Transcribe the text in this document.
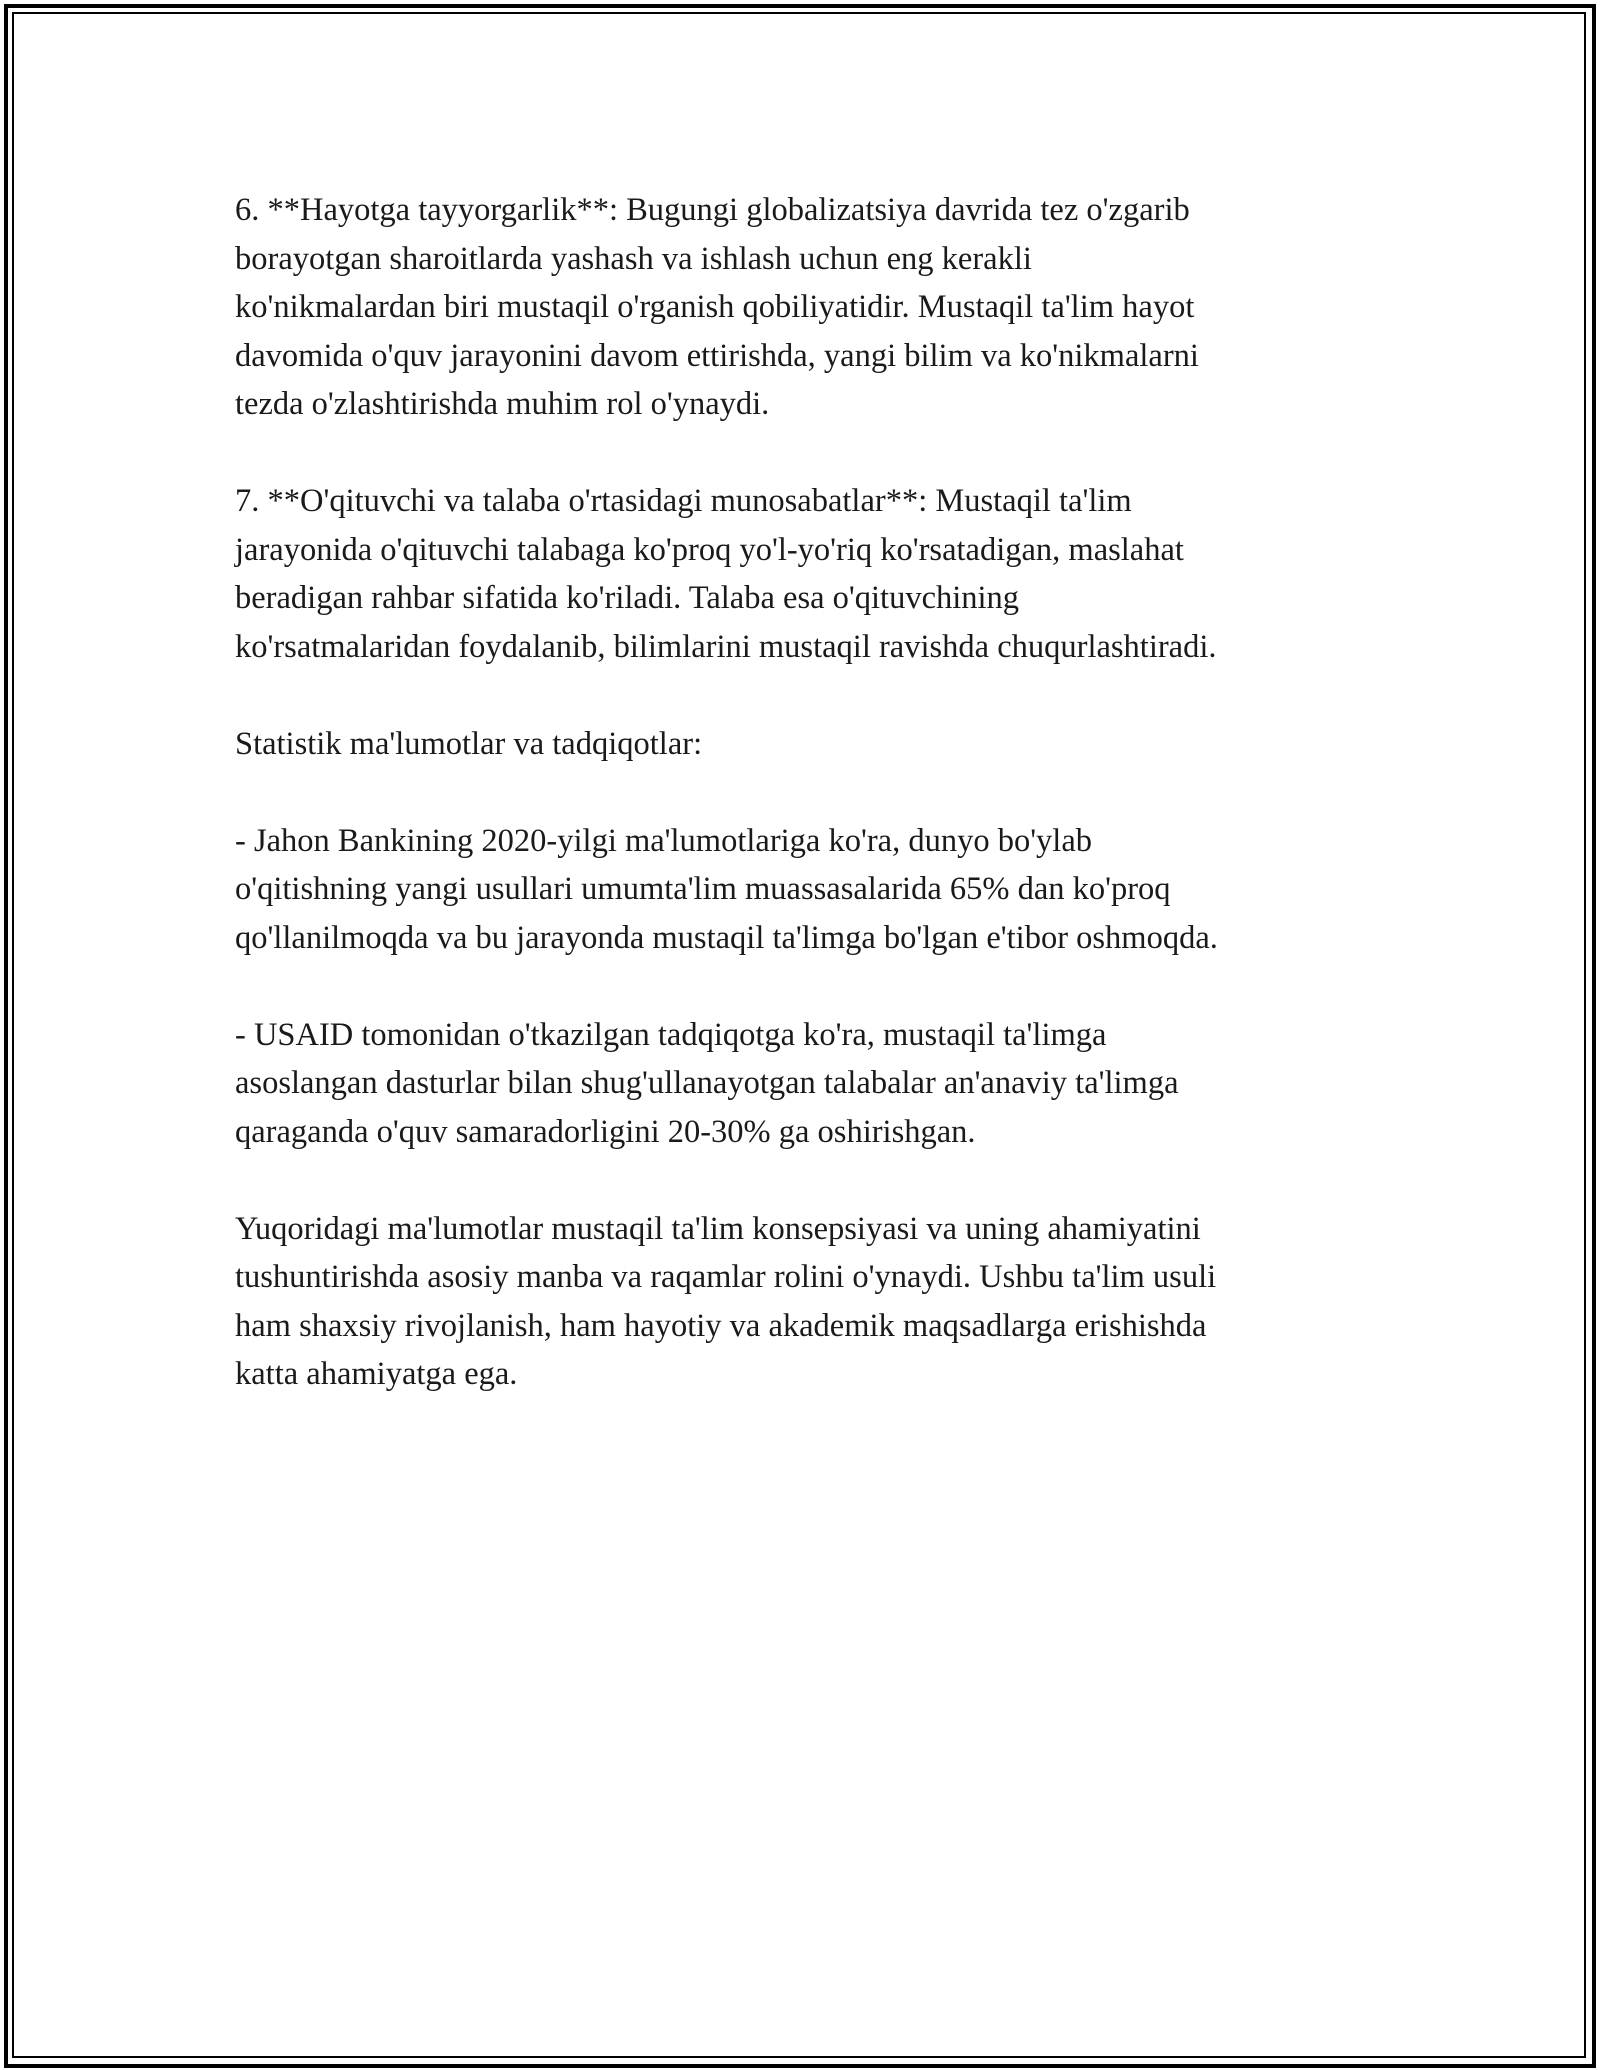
6. **Hayotga tayyorgarlik**: Bugungi globalizatsiya davrida tez o'zgarib
borayotgan sharoitlarda yashash va ishlash uchun eng kerakli
ko'nikmalardan biri mustaqil o'rganish qobiliyatidir. Mustaqil ta'lim hayot
davomida o'quv jarayonini davom ettirishda, yangi bilim va ko'nikmalarni
tezda o'zlashtirishda muhim rol o'ynaydi.

7. **O'qituvchi va talaba o'rtasidagi munosabatlar**: Mustaqil ta'lim
jarayonida o'qituvchi talabaga ko'proq yo'l-yo'riq ko'rsatadigan, maslahat
beradigan rahbar sifatida ko'riladi. Talaba esa o'qituvchining
ko'rsatmalaridan foydalanib, bilimlarini mustaqil ravishda chuqurlashtiradi.

Statistik ma'lumotlar va tadqiqotlar:

- Jahon Bankining 2020-yilgi ma'lumotlariga ko'ra, dunyo bo'ylab
o'qitishning yangi usullari umumta'lim muassasalarida 65% dan ko'proq
qo'llanilmoqda va bu jarayonda mustaqil ta'limga bo'lgan e'tibor oshmoqda.

- USAID tomonidan o'tkazilgan tadqiqotga ko'ra, mustaqil ta'limga
asoslangan dasturlar bilan shug'ullanayotgan talabalar an'anaviy ta'limga
qaraganda o'quv samaradorligini 20-30% ga oshirishgan.

Yuqoridagi ma'lumotlar mustaqil ta'lim konsepsiyasi va uning ahamiyatini
tushuntirishda asosiy manba va raqamlar rolini o'ynaydi. Ushbu ta'lim usuli
ham shaxsiy rivojlanish, ham hayotiy va akademik maqsadlarga erishishda
katta ahamiyatga ega.
